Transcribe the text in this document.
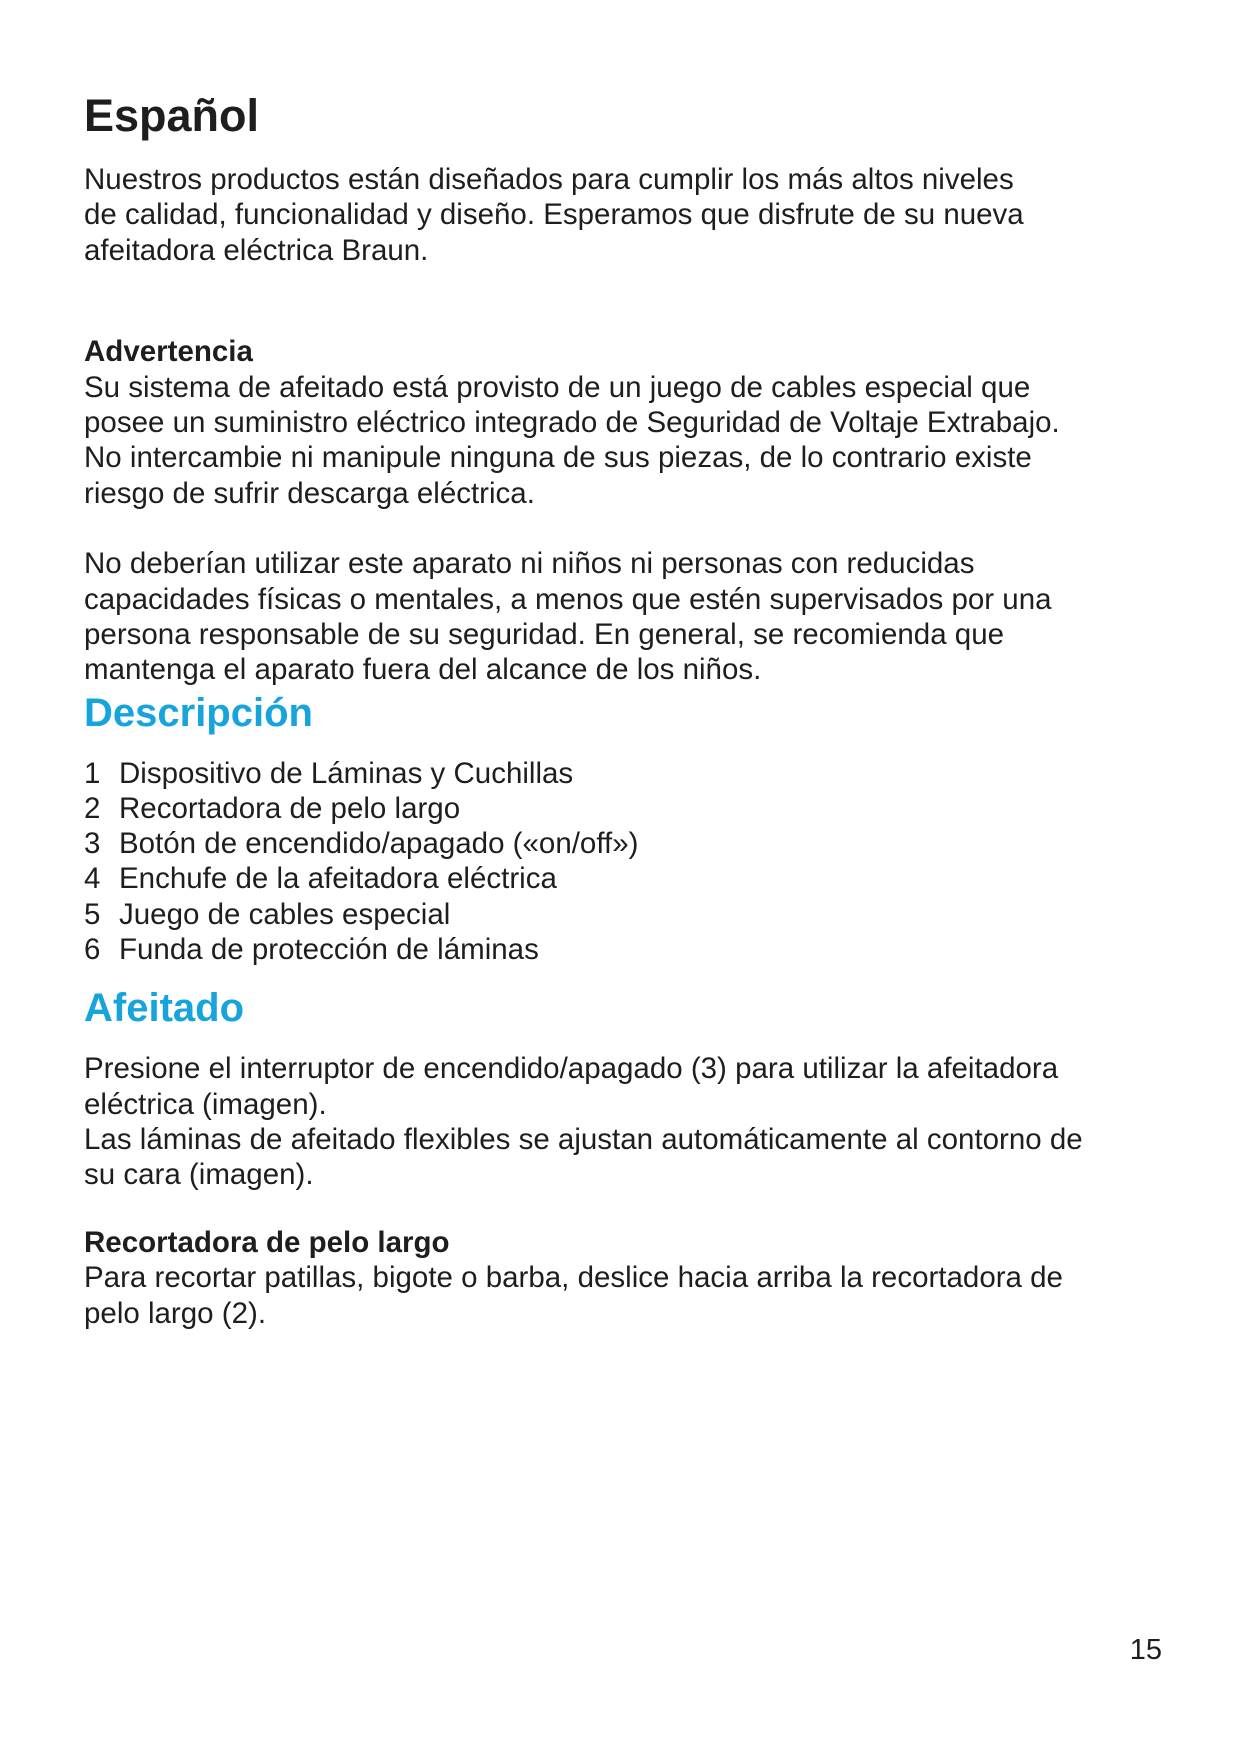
Español
Nuestros productos están diseñados para cumplir los más altos niveles
de calidad, funcionalidad y diseño. Esperamos que disfrute de su nueva
afeitadora eléctrica Braun.
Advertencia
Su sistema de afeitado está provisto de un juego de cables especial que
posee un suministro eléctrico integrado de Seguridad de Voltaje Extrabajo.
No intercambie ni manipule ninguna de sus piezas, de lo contrario existe
riesgo de sufrir descarga eléctrica.
No deberían utilizar este aparato ni niños ni personas con reducidas
capacidades físicas o mentales, a menos que estén supervisados por una
persona responsable de su seguridad. En general, se recomienda que
mantenga el aparato fuera del alcance de los niños.
Descripción
1 Dispositivo de Láminas y Cuchillas
2 Recortadora de pelo largo
3 Botón de encendido/apagado («on/off»)
4 Enchufe de la afeitadora eléctrica
5 Juego de cables especial
6 Funda de protección de láminas
Afeitado
Presione el interruptor de encendido/apagado (3) para utilizar la afeitadora
eléctrica (imagen).
Las láminas de afeitado flexibles se ajustan automáticamente al contorno de
su cara (imagen).
Recortadora de pelo largo
Para recortar patillas, bigote o barba, deslice hacia arriba la recortadora de
pelo largo (2).
15
